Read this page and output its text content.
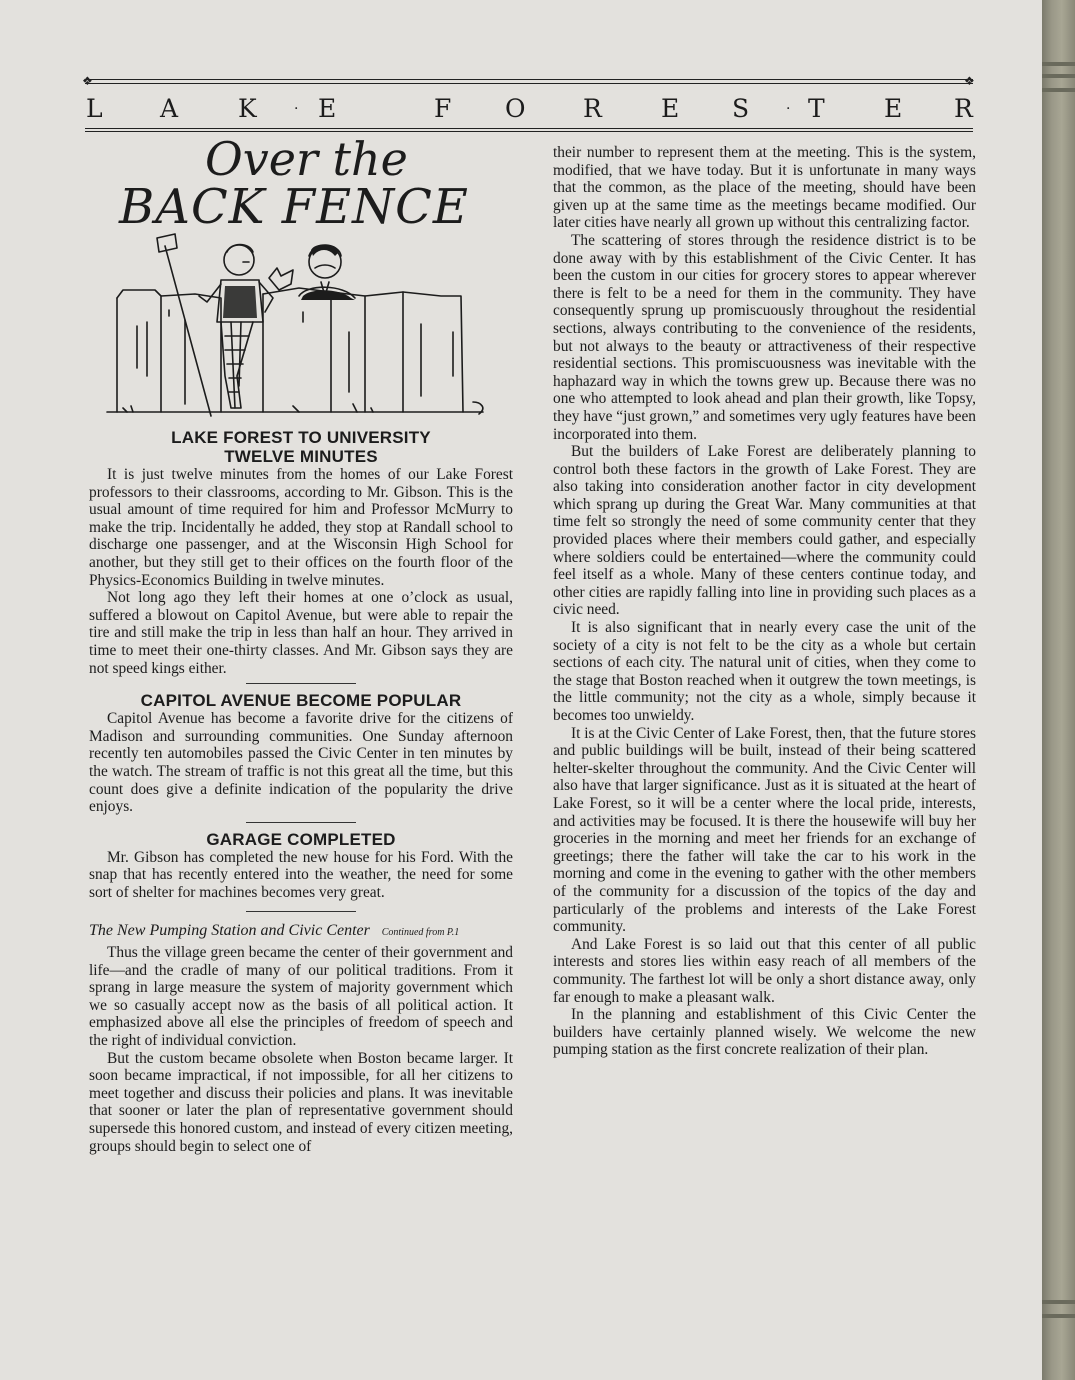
❖	❖
L A K	· E	F O R E S	· T E R
Over the
BACK FENCE
LAKE FOREST TO UNIVERSITY
TWELVE MINUTES

It is just twelve minutes from the homes of our Lake Forest professors to their classrooms, according to Mr. Gibson. This is the usual amount of time required for him and Professor McMurry to make the trip. Incidentally he added, they stop at Randall school to discharge one passenger, and at the Wisconsin High School for another, but they still get to their offices on the fourth floor of the Physics-Economics Building in twelve minutes.

Not long ago they left their homes at one o’clock as usual, suffered a blowout on Capitol Avenue, but were able to repair the tire and still make the trip in less than half an hour. They arrived in time to meet their one-thirty classes. And Mr. Gibson says they are not speed kings either.

CAPITOL AVENUE BECOME POPULAR

Capitol Avenue has become a favorite drive for the citizens of Madison and surrounding communities. One Sunday afternoon recently ten automobiles passed the Civic Center in ten minutes by the watch. The stream of traffic is not this great all the time, but this count does give a definite indication of the popularity the drive enjoys.

GARAGE COMPLETED

Mr. Gibson has completed the new house for his Ford. With the snap that has recently entered into the weather, the need for some sort of shelter for machines becomes very great.

The New Pumping Station and Civic Center Continued from P.1

Thus the village green became the center of their government and life—and the cradle of many of our political traditions. From it sprang in large measure the system of majority government which we so casually accept now as the basis of all political action. It emphasized above all else the principles of freedom of speech and the right of individual conviction.

But the custom became obsolete when Boston became larger. It soon became impractical, if not impossible, for all her citizens to meet together and discuss their policies and plans. It was inevitable that sooner or later the plan of representative government should supersede this honored custom, and instead of every citizen meeting, groups should begin to select one of

their number to represent them at the meeting. This is the system, modified, that we have today. But it is unfortunate in many ways that the common, as the place of the meeting, should have been given up at the same time as the meetings became modified. Our later cities have nearly all grown up without this centralizing factor.

The scattering of stores through the residence district is to be done away with by this establishment of the Civic Center. It has been the custom in our cities for grocery stores to appear wherever there is felt to be a need for them in the community. They have consequently sprung up promiscuously throughout the residential sections, always contributing to the convenience of the residents, but not always to the beauty or attractiveness of their respective residential sections. This promiscuousness was inevitable with the haphazard way in which the towns grew up. Because there was no one who attempted to look ahead and plan their growth, like Topsy, they have “just grown,” and sometimes very ugly features have been incorporated into them.

But the builders of Lake Forest are deliberately planning to control both these factors in the growth of Lake Forest. They are also taking into consideration another factor in city development which sprang up during the Great War. Many communities at that time felt so strongly the need of some community center that they provided places where their members could gather, and especially where soldiers could be entertained—where the community could feel itself as a whole. Many of these centers continue today, and other cities are rapidly falling into line in providing such places as a civic need.

It is also significant that in nearly every case the unit of the society of a city is not felt to be the city as a whole but certain sections of each city. The natural unit of cities, when they come to the stage that Boston reached when it outgrew the town meetings, is the little community; not the city as a whole, simply because it becomes too unwieldy.

It is at the Civic Center of Lake Forest, then, that the future stores and public buildings will be built, instead of their being scattered helter-skelter throughout the community. And the Civic Center will also have that larger significance. Just as it is situated at the heart of Lake Forest, so it will be a center where the local pride, interests, and activities may be focused. It is there the housewife will buy her groceries in the morning and meet her friends for an exchange of greetings; there the father will take the car to his work in the morning and come in the evening to gather with the other members of the community for a discussion of the topics of the day and particularly of the problems and interests of the Lake Forest community.

And Lake Forest is so laid out that this center of all public interests and stores lies within easy reach of all members of the community. The farthest lot will be only a short distance away, only far enough to make a pleasant walk.

In the planning and establishment of this Civic Center the builders have certainly planned wisely. We welcome the new pumping station as the first concrete realization of their plan.
